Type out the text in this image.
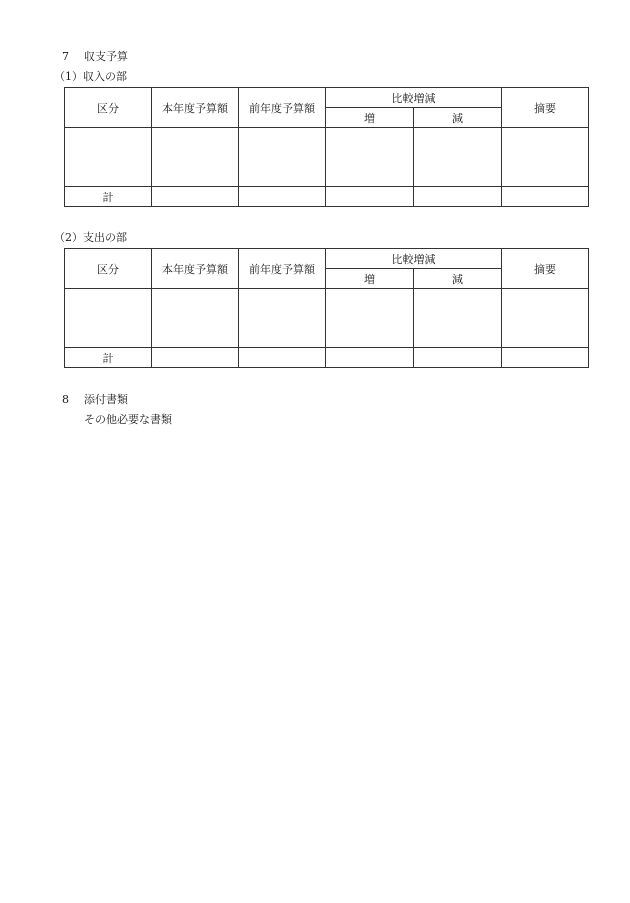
7 収支予算
（1）収入の部
区分	本年度予算額	前年度予算額	比較増減		摘要
			増	減	

計					
（2）支出の部
区分	本年度予算額	前年度予算額	比較増減		摘要
			増	減	

計					
8 添付書類
その他必要な書類
